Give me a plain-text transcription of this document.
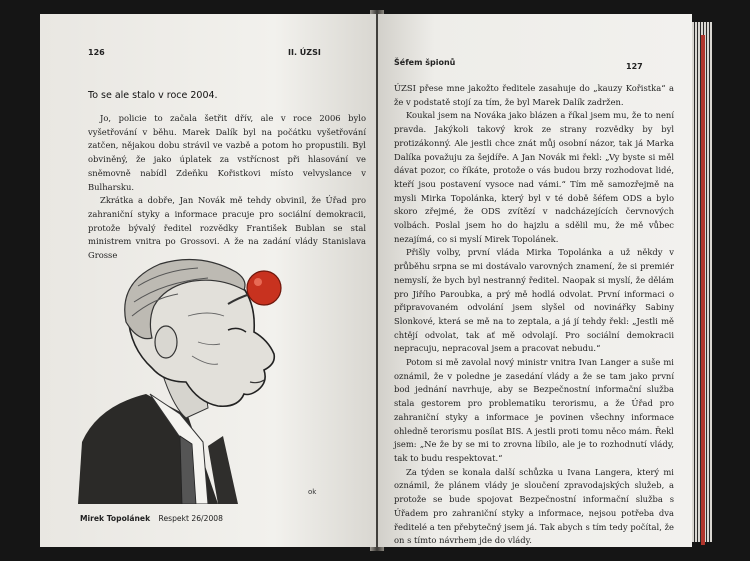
126	II. ÚZSI
To se ale stalo v roce 2004.

Jo, policie to začala šetřit dřív, ale v roce 2006 bylo vyšetřování v běhu. Marek Dalík byl na počátku vyšetřování zatčen, nějakou dobu strávil ve vazbě a potom ho propustili. Byl obviněný, že jako úplatek za vstřícnost při hlasování ve sněmovně nabídl Zdeňku Kořistkovi místo velvyslance v Bulharsku.

Zkrátka a dobře, Jan Novák mě tehdy obvinil, že Úřad pro zahraniční styky a informace pracuje pro sociální demokracii, protože bývalý ředitel rozvědky František Bublan se stal ministrem vnitra po Grossovi. A že na zadání vlády Stanislava Grosse

ok
Mirek Topolánek Respekt 26/2008
Šéfem špionů	127

ÚZSI přese mne jakožto ředitele zasahuje do „kauzy Kořistka“ a že v podstatě stojí za tím, že byl Marek Dalík zadržen.

Koukal jsem na Nováka jako blázen a říkal jsem mu, že to není pravda. Jakýkoli takový krok ze strany rozvědky by byl protizákonný. Ale jestli chce znát můj osobní názor, tak já Marka Dalíka považuju za šejdíře. A Jan Novák mi řekl: „Vy byste si měl dávat pozor, co říkáte, protože o vás budou brzy rozhodovat lidé, kteří jsou postavení vysoce nad vámi.“ Tím mě samozřejmě na mysli Mirka Topolánka, který byl v té době šéfem ODS a bylo skoro zřejmé, že ODS zvítězí v nadcházejících červnových volbách. Poslal jsem ho do hajzlu a sdělil mu, že mě vůbec nezajímá, co si myslí Mirek Topolánek.

Přišly volby, první vláda Mirka Topolánka a už někdy v průběhu srpna se mi dostávalo varovných znamení, že si premiér nemyslí, že bych byl nestranný ředitel. Naopak si myslí, že dělám pro Jiřího Paroubka, a prý mě hodlá odvolat. První informaci o připravovaném odvolání jsem slyšel od novinářky Sabiny Slonkové, která se mě na to zeptala, a já jí tehdy řekl: „Jestli mě chtějí odvolat, tak ať mě odvolají. Pro sociální demokracii nepracuju, nepracoval jsem a pracovat nebudu.“

Potom si mě zavolal nový ministr vnitra Ivan Langer a suše mi oznámil, že v poledne je zasedání vlády a že se tam jako první bod jednání navrhuje, aby se Bezpečnostní informační služba stala gestorem pro problematiku terorismu, a že Úřad pro zahraniční styky a informace je povinen všechny informace ohledně terorismu posílat BIS. A jestli proti tomu něco mám. Řekl jsem: „Ne že by se mi to zrovna líbilo, ale je to rozhodnutí vlády, tak to budu respektovat.“

Za týden se konala další schůzka u Ivana Langera, který mi oznámil, že plánem vlády je sloučení zpravodajských služeb, a protože se bude spojovat Bezpečnostní informační služba s Úřadem pro zahraniční styky a informace, nejsou potřeba dva ředitelé a ten přebytečný jsem já. Tak abych s tím tedy počítal, že on s tímto návrhem jde do vlády.
